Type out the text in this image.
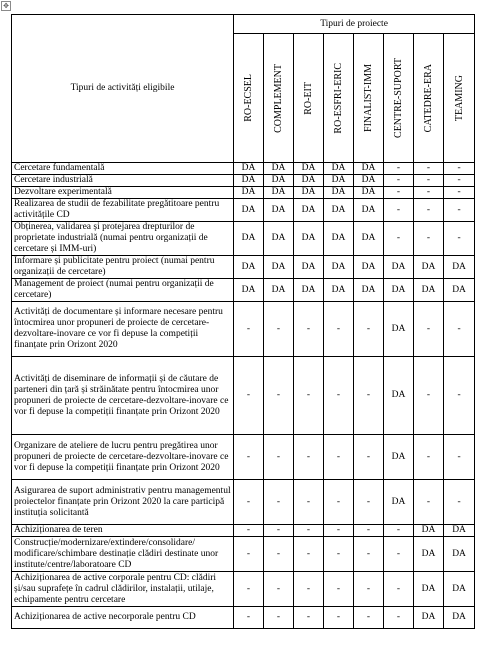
✥
Tipuri de activități eligibile	Tipuri de proiecte							

	RO-ECSEL	COMPLEMENT	RO-EIT	RO-ESFRI-ERIC	FINALIST-IMM	CENTRE-SUPORT	CATEDRE-ERA	TEAMING

Cercetare fundamentală	DA	DA	DA	DA	DA	-	-	-
Cercetare industrială	DA	DA	DA	DA	DA	-	-	-
Dezvoltare experimentală	DA	DA	DA	DA	DA	-	-	-
Realizarea de studii de fezabilitate pregătitoare pentru activitățile CD	DA	DA	DA	DA	DA	-	-	-
Obținerea, validarea și protejarea drepturilor de proprietate industrială (numai pentru organizații de cercetare și IMM-uri)	DA	DA	DA	DA	DA	-	-	-
Informare și publicitate pentru proiect (numai pentru organizații de cercetare)	DA	DA	DA	DA	DA	DA	DA	DA
Management de proiect (numai pentru organizații de cercetare)	DA	DA	DA	DA	DA	DA	DA	DA
Activități de documentare și informare necesare pentru întocmirea unor propuneri de proiecte de cercetare-dezvoltare-inovare ce vor fi depuse la competiții finanțate prin Orizont 2020	-	-	-	-	-	DA	-	-
Activități de diseminare de informații și de căutare de parteneri din țară și străinătate pentru întocmirea unor propuneri de proiecte de cercetare-dezvoltare-inovare ce vor fi depuse la competiții finanțate prin Orizont 2020	-	-	-	-	-	DA	-	-
Organizare de ateliere de lucru pentru pregătirea unor propuneri de proiecte de cercetare-dezvoltare-inovare ce vor fi depuse la competiții finanțate prin Orizont 2020	-	-	-	-	-	DA	-	-
Asigurarea de suport administrativ pentru managementul proiectelor finanțate prin Orizont 2020 la care participă instituția solicitantă	-	-	-	-	-	DA	-	-
Achiziționarea de teren	-	-	-	-	-	-	DA	DA
Construcție/modernizare/extindere/consolidare/ modificare/schimbare destinație clădiri destinate unor institute/centre/laboratoare CD	-	-	-	-	-	-	DA	DA
Achiziționarea de active corporale pentru CD: clădiri și/sau suprafețe în cadrul clădirilor, instalații, utilaje, echipamente pentru cercetare	-	-	-	-	-	-	DA	DA
Achiziționarea de active necorporale pentru CD	-	-	-	-	-	-	DA	DA
